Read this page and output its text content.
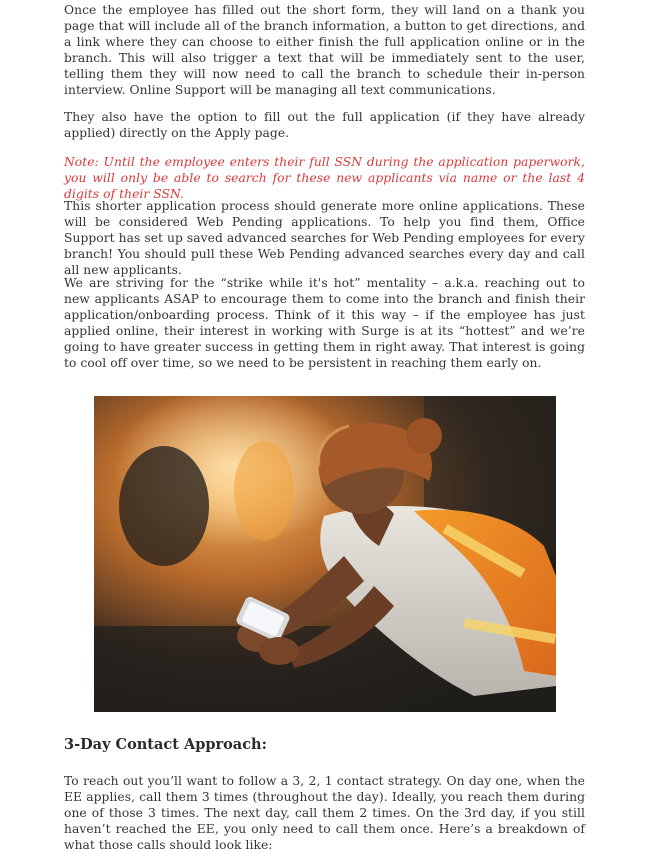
Once the employee has filled out the short form, they will land on a thank you page that will include all of the branch information, a button to get directions, and a link where they can choose to either finish the full application online or in the branch. This will also trigger a text that will be immediately sent to the user, telling them they will now need to call the branch to schedule their in-person interview. Online Support will be managing all text communications.

They also have the option to fill out the full application (if they have already applied) directly on the Apply page.

Note: Until the employee enters their full SSN during the application paperwork, you will only be able to search for these new applicants via name or the last 4 digits of their SSN.

This shorter application process should generate more online applications. These will be considered Web Pending applications. To help you find them, Office Support has set up saved advanced searches for Web Pending employees for every branch! You should pull these Web Pending advanced searches every day and call all new applicants.

We are striving for the “strike while it's hot” mentality – a.k.a. reaching out to new applicants ASAP to encourage them to come into the branch and finish their application/onboarding process. Think of it this way – if the employee has just applied online, their interest in working with Surge is at its “hottest” and we’re going to have greater success in getting them in right away. That interest is going to cool off over time, so we need to be persistent in reaching them early on.

3-Day Contact Approach:

To reach out you’ll want to follow a 3, 2, 1 contact strategy. On day one, when the EE applies, call them 3 times (throughout the day). Ideally, you reach them during one of those 3 times. The next day, call them 2 times. On the 3rd day, if you still haven’t reached the EE, you only need to call them once. Here’s a breakdown of what those calls should look like:
